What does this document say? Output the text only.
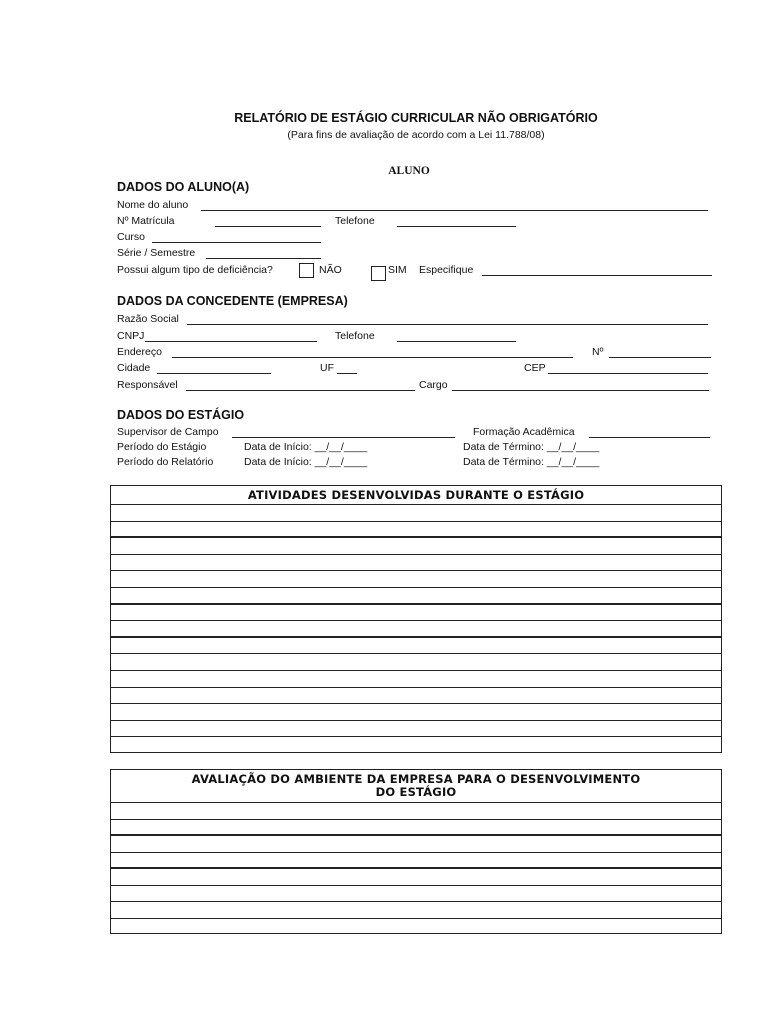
RELATÓRIO DE ESTÁGIO CURRICULAR NÃO OBRIGATÓRIO
(Para fins de avaliação de acordo com a Lei 11.788/08)
ALUNO
DADOS DO ALUNO(A)
Nome do aluno
Nº Matrícula	Telefone
Curso
Série / Semestre
Possui algum tipo de deficiência?	NÃO	SIM Especifique
DADOS DA CONCEDENTE (EMPRESA)
Razão Social
CNPJ	Telefone
Endereço	Nº
Cidade	UF	CEP
Responsável	Cargo
DADOS DO ESTÁGIO
Supervisor de Campo	Formação Acadêmica
Período do Estágio	Data de Início: __/__/____	Data de Término: __/__/____
Período do Relatório	Data de Início: __/__/____	Data de Término: __/__/____
ATIVIDADES DESENVOLVIDAS DURANTE O ESTÁGIO
AVALIAÇÃO DO AMBIENTE DA EMPRESA PARA O DESENVOLVIMENTO
DO ESTÁGIO
